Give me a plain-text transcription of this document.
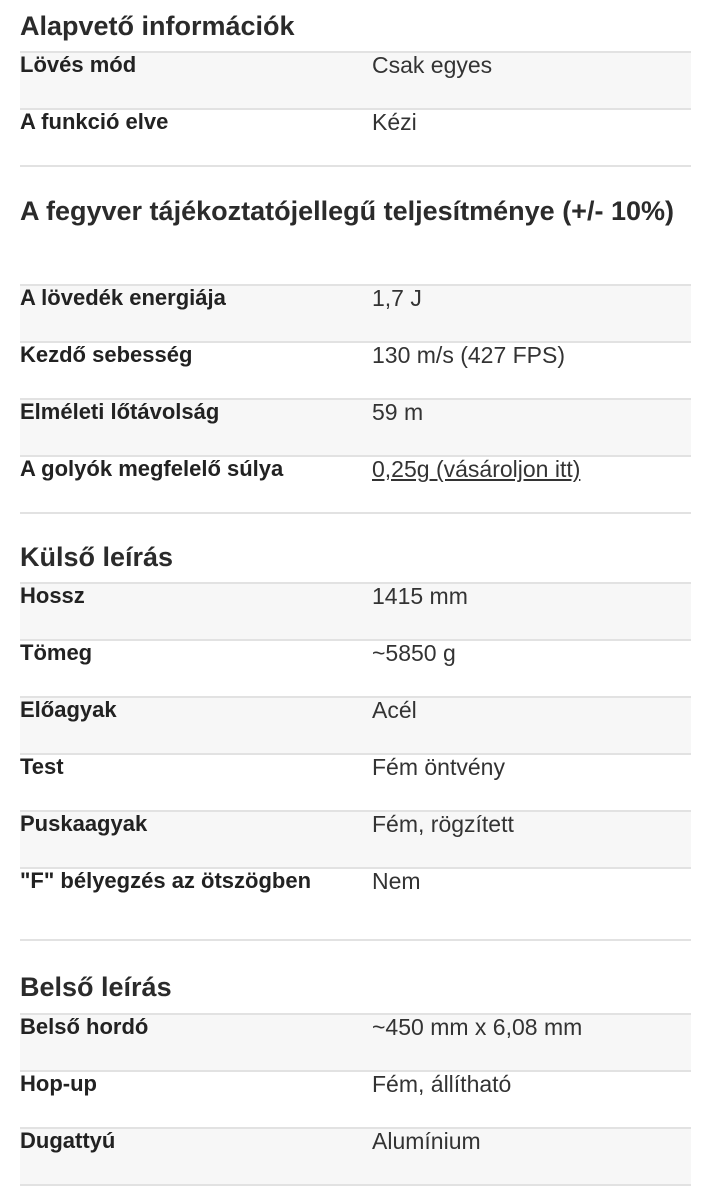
Alapvető információk
Lövés mód	Csak egyes
A funkció elve	Kézi
A fegyver tájékoztatójellegű teljesítménye (+/- 10%)
A lövedék energiája	1,7 J
Kezdő sebesség	130 m/s (427 FPS)
Elméleti lőtávolság	59 m
A golyók megfelelő súlya	0,25g (vásároljon itt)
Külső leírás
Hossz	1415 mm
Tömeg	~5850 g
Előagyak	Acél
Test	Fém öntvény
Puskaagyak	Fém, rögzített
"F" bélyegzés az ötszögben	Nem
Belső leírás
Belső hordó	~450 mm x 6,08 mm
Hop-up	Fém, állítható
Dugattyú	Alumínium
